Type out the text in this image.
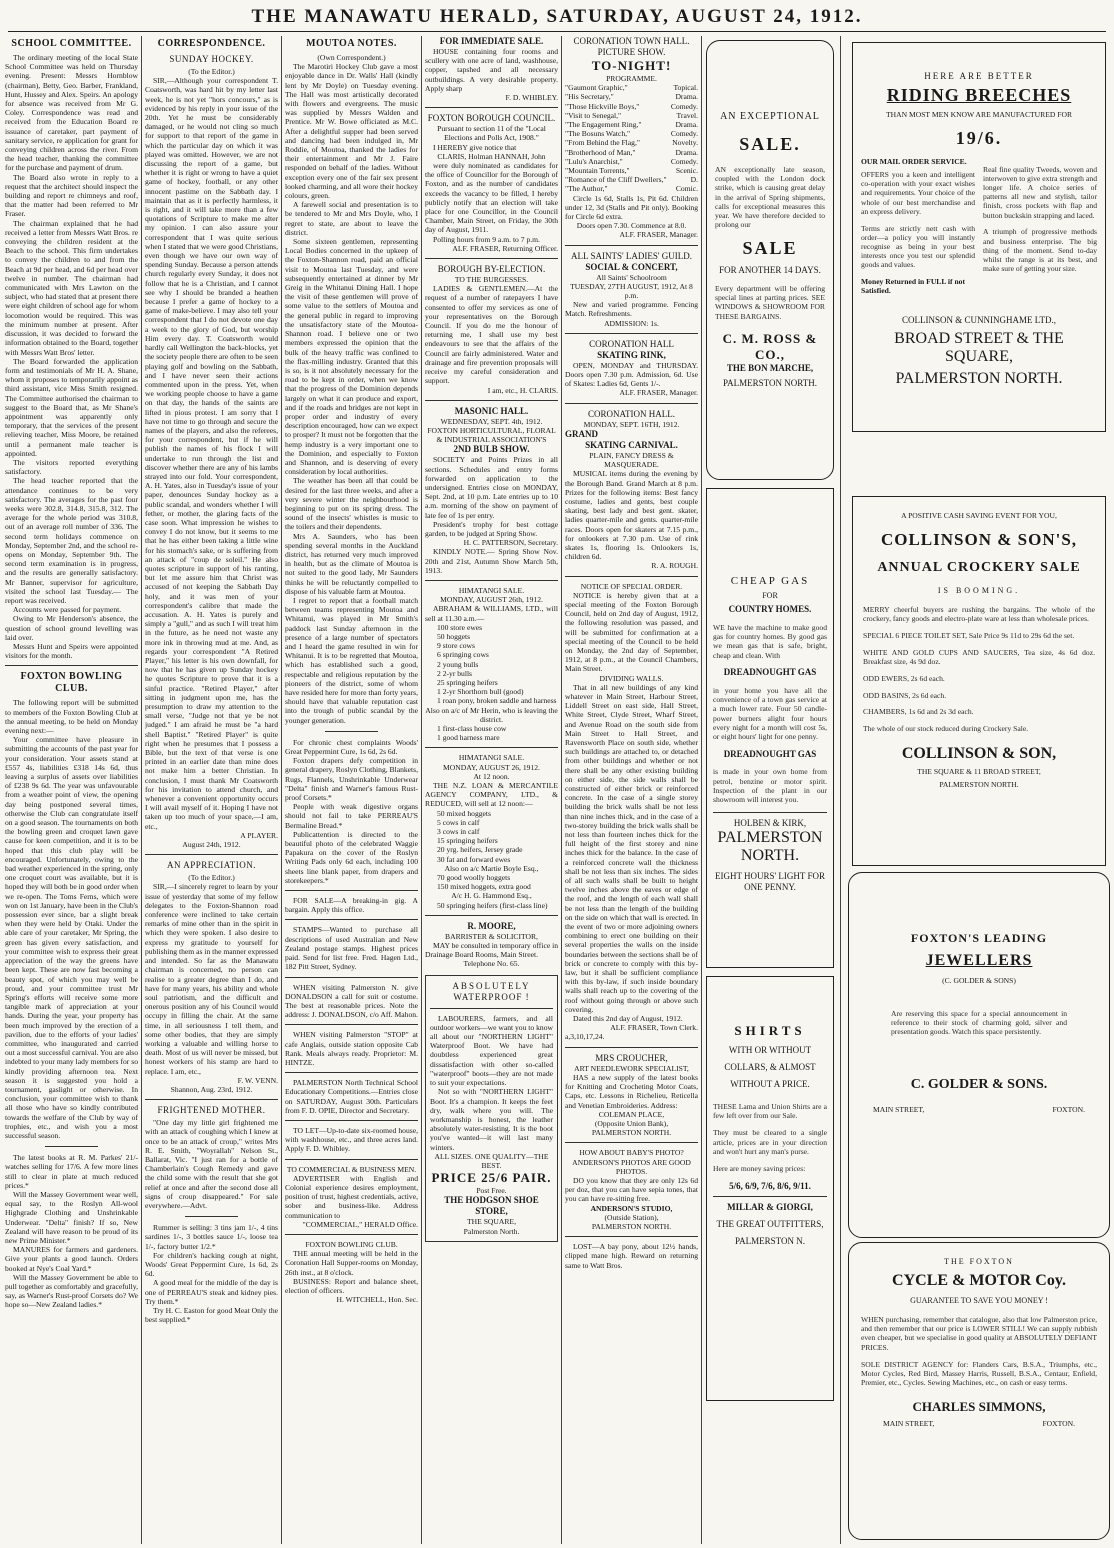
THE MANAWATU HERALD, SATURDAY, AUGUST 24, 1912.
SCHOOL COMMITTEE.

The ordinary meeting of the local State School Committee was held on Thursday evening. Present: Messrs Hornblow (chairman), Betty, Geo. Barber, Frankland, Hunt, Hussey and Alex. Speirs. An apology for absence was received from Mr G. Coley. Correspondence was read and received from the Education Board re issuance of caretaker, part payment of sanitary service, re application for grant for conveying children across the river. From the head teacher, thanking the committee for the purchase and payment of drum.

The Board also wrote in reply to a request that the architect should inspect the building and report re chimneys and roof, that the matter had been referred to Mr Fraser.

The chairman explained that he had received a letter from Messrs Watt Bros. re conveying the children resident at the Beach to the school. This firm undertakes to convey the children to and from the Beach at 9d per head, and 6d per head over twelve in number. The chairman had communicated with Mrs Lawton on the subject, who had stated that at present there were eight children of school age for whom locomotion would be required. This was the minimum number at present. After discussion, it was decided to forward the information obtained to the Board, together with Messrs Watt Bros' letter.

The Board forwarded the application form and testimonials of Mr H. A. Shane, whom it proposes to temporarily appoint as third assistant, vice Miss Smith resigned. The Committee authorised the chairman to suggest to the Board that, as Mr Shane's appointment was apparently only temporary, that the services of the present relieving teacher, Miss Moore, be retained until a permanent male teacher is appointed.

The visitors reported everything satisfactory.

The head teacher reported that the attendance continues to be very satisfactory. The averages for the past four weeks were 302.8, 314.8, 315.8, 312. The average for the whole period was 310.8, out of an average roll number of 336. The second term holidays commence on Monday, September 2nd, and the school re-opens on Monday, September 9th. The second term examination is in progress, and the results are generally satisfactory. Mr Banner, supervisor for agriculture, visited the school last Tuesday.— The report was received.

Accounts were passed for payment.

Owing to Mr Henderson's absence, the question of school ground levelling was laid over.

Messrs Hunt and Speirs were appointed visitors for the month.

FOXTON BOWLING CLUB.

The following report will be submitted to members of the Foxton Bowling Club at the annual meeting, to be held on Monday evening next:—

Your committee have pleasure in submitting the accounts of the past year for your consideration. Your assets stand at £557 4s, liabilities £318 14s 6d, thus leaving a surplus of assets over liabilities of £238 9s 6d. The year was unfavourable from a weather point of view, the opening day being postponed several times, otherwise the Club can congratulate itself on a good season. The tournaments on both the bowling green and croquet lawn gave cause for keen competition, and it is to be hoped that this club play will be encouraged. Unfortunately, owing to the bad weather experienced in the spring, only one croquet court was available, but it is hoped they will both be in good order when we re-open. The Toms Ferns, which were won on 1st January, have been in the Club's possession ever since, bar a slight break when they were held by Otaki. Under the able care of your caretaker, Mr Spring, the green has given every satisfaction, and your committee wish to express their great appreciation of the way the greens have been kept. These are now fast becoming a beauty spot, of which you may well be proud, and your committee trust Mr Spring's efforts will receive some more tangible mark of appreciation at your hands. During the year, your property has been much improved by the erection of a pavilion, due to the efforts of your ladies' committee, who inaugurated and carried out a most successful carnival. You are also indebted to your many lady members for so kindly providing afternoon tea. Next season it is suggested you hold a tournament, gaslight or otherwise. In conclusion, your committee wish to thank all those who have so kindly contributed towards the welfare of the Club by way of trophies, etc., and wish you a most successful season.

The latest books at R. M. Parkes' 21/- watches selling for 17/6. A few more lines still to clear in plate at much reduced prices.*

Will the Massey Government wear well, equal say, to the Roslyn All-wool Highgrade Clothing and Unshrinkable Underwear. "Delta" finish? If so, New Zealand will have reason to be proud of its new Prime Minister.*

MANURES for farmers and gardeners. Give your plants a good launch. Orders booked at Nye's Coal Yard.*

Will the Massey Government be able to pull together as comfortably and gracefully, say, as Warner's Rust-proof Corsets do? We hope so—New Zealand ladies.*

CORRESPONDENCE.
SUNDAY HOCKEY.
(To the Editor.)

SIR,—Although your correspondent T. Coatsworth, was hard hit by my letter last week, he is not yet "hors concours," as is evidenced by his reply in your issue of the 20th. Yet he must be considerably damaged, or he would not cling so much for support to that report of the game in which the particular day on which it was played was omitted. However, we are not discussing the report of a game, but whether it is right or wrong to have a quiet game of hockey, football, or any other innocent pastime on the Sabbath day. I maintain that as it is perfectly harmless, it is right, and it will take more than a few quotations of Scripture to make me alter my opinion. I can also assure your correspondent that I was quite serious when I stated that we were good Christians, even though we have our own way of spending Sunday. Because a person attends church regularly every Sunday, it does not follow that he is a Christian, and I cannot see why I should be branded a heathen because I prefer a game of hockey to a game of make-believe. I may also tell your correspondent that I do not devote one day a week to the glory of God, but worship Him every day. T. Coatsworth would hardly call Wellington the back-blocks, yet the society people there are often to be seen playing golf and bowling on the Sabbath, and I have never seen their actions commented upon in the press. Yet, when we working people choose to have a game on that day, the hands of the saints are lifted in pious protest. I am sorry that I have not time to go through and secure the names of the players, and also the referees, for your correspondent, but if he will publish the names of his flock I will undertake to run through the list and discover whether there are any of his lambs strayed into our fold. Your correspondent, A. H. Yates, also in Tuesday's issue of your paper, denounces Sunday hockey as a public scandal, and wonders whether I will fether, or mother, the glaring facts of the case soon. What impression he wishes to convey I do not know, but it seems to me that he has either been taking a little wine for his stomach's sake, or is suffering from an attack of "coup de soleil." He also quotes scripture in support of his ranting, but let me assure him that Christ was accused of not keeping the Sabbath Day holy, and it was men of your correspondent's calibre that made the accusation. A. H. Yates is purely and simply a "gull," and as such I will treat him in the future, as he need not waste any more ink in throwing mud at me. And, as regards your correspondent "A Retired Player," his letter is his own downfall, for now that he has given up Sunday hockey he quotes Scripture to prove that it is a sinful practice. "Retired Player," after sitting in judgment upon me, has the presumption to draw my attention to the small verse, "Judge not that ye be not judged." I am afraid he must be "a hard shell Baptist." "Retired Player" is quite right when he presumes that I possess a Bible, but the text of that verse is one printed in an earlier date than mine does not make him a better Christian. In conclusion, I must thank Mr Coatsworth for his invitation to attend church, and whenever a convenient opportunity occurs I will avail myself of it. Hoping I have not taken up too much of your space,—I am, etc.,

A PLAYER.
August 24th, 1912.
AN APPRECIATION.
(To the Editor.)

SIR,—I sincerely regret to learn by your issue of yesterday that some of my fellow delegates to the Foxton-Shannon road conference were inclined to take certain remarks of mine other than in the spirit in which they were spoken. I also desire to express my gratitude to yourself for publishing them as in the manner expressed and intended. So far as the Manawatu chairman is concerned, no person can realise to a greater degree than I do, and have for many years, his ability and whole soul patriotism, and the difficult and onerous position any of his Council would occupy in filling the chair. At the same time, in all seriousness I tell them, and some other bodies, that they are simply working a valuable and willing horse to death. Most of us will never be missed, but honest workers of his stamp are hard to replace. I am, etc.,

F. W. VENN.
Shannon, Aug. 23rd, 1912.
FRIGHTENED MOTHER.

"One day my little girl frightened me with an attack of coughing which I knew at once to be an attack of croup," writes Mrs R. E. Smith, "Woyrallah" Nelson St., Ballarat, Vic. "I just ran for a bottle of Chamberlain's Cough Remedy and gave the child some with the result that she got relief at once and after the second dose all signs of croup disappeared." For sale everywhere.—Advt.

Rummer is selling: 3 tins jam 1/-, 4 tins sardines 1/-, 3 bottles sauce 1/-, loose tea 1/-, factory butter 1/2.*

For children's hacking cough at night, Woods' Great Peppermint Cure, 1s 6d, 2s 6d.

A good meal for the middle of the day is one of PERREAU'S steak and kidney pies. Try them.*

Try H. C. Easton for good Meat Only the best supplied.*

MOUTOA NOTES.
(Own Correspondent.)

The Marotiri Hockey Club gave a most enjoyable dance in Dr. Walls' Hall (kindly lent by Mr Doyle) on Tuesday evening. The Hall was most artistically decorated with flowers and evergreens. The music was supplied by Messrs Walden and Prentice. Mr W. Bowe officiated as M.C. After a delightful supper had been served and dancing had been indulged in, Mr Roddie, of Moutoa, thanked the ladies for their entertainment and Mr J. Faire responded on behalf of the ladies. Without exception every one of the fair sex present looked charming, and all wore their hockey colours, green.

A farewell social and presentation is to be tendered to Mr and Mrs Doyle, who, I regret to state, are about to leave the district.

Some sixteen gentlemen, representing Local Bodies concerned in the upkeep of the Foxton-Shannon road, paid an official visit to Moutoa last Tuesday, and were subsequently entertained at dinner by Mr Greig in the Whitanui Dining Hall. I hope the visit of these gentlemen will prove of some value to the settlers of Moutoa and the general public in regard to improving the unsatisfactory state of the Moutoa-Shannon road. I believe one or two members expressed the opinion that the bulk of the heavy traffic was confined to the flax-milling industry. Granted that this is so, is it not absolutely necessary for the road to be kept in order, when we know that the progress of the Dominion depends largely on what it can produce and export, and if the roads and bridges are not kept in proper order and industry of every description encouraged, how can we expect to prosper? It must not be forgotten that the hemp industry is a very important one to the Dominion, and especially to Foxton and Shannon, and is deserving of every consideration by local authorities.

The weather has been all that could be desired for the last three weeks, and after a very severe winter the neighbourhood is beginning to put on its spring dress. The sound of the insects' whistles is music to the toilers and their dependents.

Mrs A. Saunders, who has been spending several months in the Auckland district, has returned very much improved in health, but as the climate of Moutoa is not suited to the good lady, Mr Saunders thinks he will be reluctantly compelled to dispose of his valuable farm at Moutoa.

I regret to report that a football match between teams representing Moutoa and Whitanui, was played in Mr Smith's paddock last Sunday afternoon in the presence of a large number of spectators and I heard the game resulted in win for Whitanui. It is to be regretted that Moutoa, which has established such a good, respectable and religious reputation by the pioneers of the district, some of whom have resided here for more than forty years, should have that valuable reputation cast into the trough of public scandal by the younger generation.

For chronic chest complaints Woods' Great Peppermint Cure, 1s 6d, 2s 6d.

Foxton drapers defy competition in general drapery, Roslyn Clothing, Blankets, Rugs, Flannels, Unshrinkable Underwear "Delta" finish and Warner's famous Rust-proof Corsets.*

People with weak digestive organs should not fail to take PERREAU'S Bermaline Bread.*

Publicattention is directed to the beautiful photo of the celebrated Waggie Papakura on the cover of the Roslyn Writing Pads only 6d each, including 100 sheets line blank paper, from drapers and storekeepers.*

FOR SALE—A breaking-in gig. A bargain. Apply this office.

STAMPS—Wanted to purchase all descriptions of used Australian and New Zealand postage stamps. Highest prices paid. Send for list free. Fred. Hagen Ltd., 182 Pitt Street, Sydney.

WHEN visiting Palmerston N. give DONALDSON a call for suit or costume. The best at reasonable prices. Note the address: J. DONALDSON, c/o Aff. Mahon.

WHEN visiting Palmerston "STOP" at cafe Anglais, outside station opposite Cab Rank. Meals always ready. Proprietor: M. HINTZE.

PALMERSTON North Technical School Educationary Competitions.—Entries close on SATURDAY, August 30th. Particulars from F. D. OPIE, Director and Secretary.

TO LET—Up-to-date six-roomed house, with washhouse, etc., and three acres land. Apply F. D. Whibley.

TO COMMERCIAL & BUSINESS MEN.

ADVERTISER with English and Colonial experience desires employment, position of trust, highest credentials, active, sober and business-like. Address communication to

"COMMERCIAL," HERALD Office.
FOXTON BOWLING CLUB.

THE annual meeting will be held in the Coronation Hall Supper-rooms on Monday, 26th inst., at 8 o'clock.

BUSINESS: Report and balance sheet, election of officers.

H. WITCHELL, Hon. Sec.
FOR IMMEDIATE SALE.

HOUSE containing four rooms and scullery with one acre of land, washhouse, copper, tapshed and all necessary outbuildings. A very desirable property. Apply sharp

F. D. WHIBLEY.
FOXTON BOROUGH COUNCIL.
Pursuant to section 11 of the "Local Elections and Polls Act, 1908."

I HEREBY give notice that

CLARIS, Holman HANNAH, John

were duly nominated as candidates for the office of Councillor for the Borough of Foxton, and as the number of candidates exceeds the vacancy to be filled, I hereby publicly notify that an election will take place for one Councillor, in the Council Chamber, Main Street, on Friday, the 30th day of August, 1911.

Polling hours from 9 a.m. to 7 p.m.

ALF. FRASER, Returning Officer.
BOROUGH BY-ELECTION.
TO THE BURGESSES.

LADIES & GENTLEMEN.—At the request of a number of ratepayers I have consented to offer my services as one of your representatives on the Borough Council. If you do me the honour of returning me, I shall use my best endeavours to see that the affairs of the Council are fairly administered. Water and drainage and fire prevention proposals will receive my careful consideration and support.

I am, etc., H. CLARIS.
MASONIC HALL.
WEDNESDAY, SEPT. 4th, 1912.
FOXTON HORTICULTURAL, FLORAL & INDUSTRIAL ASSOCIATION'S
2ND BULB SHOW.

SOCIETY and Points Prizes in all sections. Schedules and entry forms forwarded on application to the undersigned. Entries close on MONDAY, Sept. 2nd, at 10 p.m. Late entries up to 10 a.m. morning of the show on payment of late fee of 1s per entry.

President's trophy for best cottage garden, to be judged at Spring Show.

H. C. PATTERSON, Secretary.

KINDLY NOTE.— Spring Show Nov. 20th and 21st, Autumn Show March 5th, 1913.

HIMATANGI SALE.
MONDAY, AUGUST 26th, 1912.

ABRAHAM & WILLIAMS, LTD., will sell at 11.30 a.m.—

100 store ewes
50 hoggets
9 store cows
6 springing cows
2 young bulls
2 2-yr bulls
25 springing heifers
1 2-yr Shorthorn bull (good)
1 roan pony, broken saddle and harness
Also on a/c of Mr Herin, who is leaving the district.
1 first-class house cow
1 good harness mare
HIMATANGI SALE.
MONDAY, AUGUST 26, 1912.
At 12 noon.

THE N.Z. LOAN & MERCANTILE AGENCY COMPANY, LTD., & REDUCED, will sell at 12 noon:—

50 mixed hoggets
5 cows in calf
3 cows in calf
15 springing heifers
20 yrg. heifers, Jersey grade
30 fat and forward ewes
Also on a/c Martie Boyle Esq.,
70 good woolly hoggets
150 mixed hoggets, extra good
A/c H. G. Hammond Esq.,
50 springing heifers (first-class line)
R. MOORE,
BARRISTER & SOLICITOR,

MAY be consulted in temporary office in Drainage Board Rooms, Main Street.

Telephone No. 65.
ABSOLUTELY
WATERPROOF !

LABOURERS, farmers, and all outdoor workers—we want you to know all about our "NORTHERN LIGHT" Waterproof Boot. We have had doubtless experienced great dissatisfaction with other so-called "waterproof" boots—they are not made to suit your expectations.

Not so with "NORTHERN LIGHT" Boot. It's a champion. It keeps the feet dry, walk where you will. The workmanship is honest, the leather absolutely water-resisting. It is the boot you've wanted—it will last many winters.

ALL SIZES. ONE QUALITY—THE BEST.
PRICE 25/6 PAIR.
Post Free.
THE HODGSON SHOE STORE,
THE SQUARE,
Palmerston North.
CORONATION TOWN HALL.
PICTURE SHOW.
TO-NIGHT!
PROGRAMME.
"Gaumont Graphic,"	Topical.
"His Secretary,"	Drama.
"Those Hickville Boys,"	Comedy.
"Visit to Senegal,"	Travel.
"The Engagement Ring,"	Drama.
"The Bosuns Watch,"	Comedy.
"From Behind the Flag,"	Novelty.
"Brotherhood of Man,"	Drama.
"Lulu's Anarchist,"	Comedy.
"Mountain Torrents,"	Scenic.
"Romance of the Cliff Dwellers,"	D.
"The Author,"	Comic.

Circle 1s 6d, Stalls 1s, Pit 6d. Children under 12, 3d (Stalls and Pit only). Booking for Circle 6d extra.

Doors open 7.30. Commence at 8.0.
ALF. FRASER, Manager.
ALL SAINTS' LADIES' GUILD.
SOCIAL & CONCERT,
All Saints' Schoolroom
TUESDAY, 27TH AUGUST, 1912, At 8 p.m.

New and varied programme. Fencing Match. Refreshments.

ADMISSION: 1s.
CORONATION HALL
SKATING RINK,

OPEN, MONDAY and THURSDAY. Doors open 7.30 p.m. Admission, 6d. Use of Skates: Ladies 6d, Gents 1/-.

ALF. FRASER, Manager.
CORONATION HALL.
MONDAY, SEPT. 16TH, 1912.
GRAND
SKATING CARNIVAL.
PLAIN, FANCY DRESS & MASQUERADE.

MUSICAL items during the evening by the Borough Band. Grand March at 8 p.m. Prizes for the following items: Best fancy costume, ladies and gents, best couple skating, best lady and best gent. skater, ladies quarter-mile and gents. quarter-mile races. Doors open for skaters at 7.15 p.m., for onlookers at 7.30 p.m. Use of rink skates 1s, flooring 1s. Onlookers 1s, children 6d.

R. A. ROUGH.
NOTICE OF SPECIAL ORDER.

NOTICE is hereby given that at a special meeting of the Foxton Borough Council, held on 2nd day of August, 1912, the following resolution was passed, and will be submitted for confirmation at a special meeting of the Council to be held on Monday, the 2nd day of September, 1912, at 8 p.m., at the Council Chambers, Main Street.

DIVIDING WALLS.

That in all new buildings of any kind whatever in Main Street, Harbour Street, Liddell Street on east side, Hall Street, White Street, Clyde Street, Wharf Street, and Avenue Road on the south side from Main Street to Hall Street, and Ravensworth Place on south side, whether such buildings are attached to, or detached from other buildings and whether or not there shall be any other existing building on either side, the side walls shall be constructed of either brick or reinforced concrete. In the case of a single storey building the brick walls shall be not less than nine inches thick, and in the case of a two-storey building the brick walls shall be not less than fourteen inches thick for the full height of the first storey and nine inches thick for the balance. In the case of a reinforced concrete wall the thickness shall be not less than six inches. The sides of all such walls shall be built to height twelve inches above the eaves or edge of the roof, and the length of each wall shall be not less than the length of the building on the side on which that wall is erected. In the event of two or more adjoining owners combining to erect one building on their several properties the walls on the inside boundaries between the sections shall be of brick or concrete to comply with this by-law, but it shall be sufficient compliance with this by-law, if such inside boundary walls shall reach up to the covering of the roof without going through or above such covering.

Dated this 2nd day of August, 1912.

ALF. FRASER, Town Clerk.
a,3,10,17,24.
MRS CROUCHER,
ART NEEDLEWORK SPECIALIST,

HAS a new supply of the latest books for Knitting and Crocheting Motor Coats, Caps, etc. Lessons in Richelieu, Reticella and Venetian Embroideries. Address:

COLEMAN PLACE,
(Opposite Union Bank),
PALMERSTON NORTH.
HOW ABOUT BABY'S PHOTO?
ANDERSON'S PHOTOS ARE GOOD PHOTOS.

DO you know that they are only 12s 6d per doz, that you can have sepia tones, that you can have re-sitting free.

ANDERSON'S STUDIO,
(Outside Station),
PALMERSTON NORTH.

LOST—A bay pony, about 12½ hands, clipped mane high. Reward on returning same to Watt Bros.

AN EXCEPTIONAL
SALE.

AN exceptionally late season, coupled with the London dock strike, which is causing great delay in the arrival of Spring shipments, calls for exceptional measures this year. We have therefore decided to prolong our

SALE
FOR ANOTHER 14 DAYS.

Every department will be offering special lines at parting prices. SEE WINDOWS & SHOWROOM FOR THESE BARGAINS.

C. M. ROSS & CO.,
THE BON MARCHE,
PALMERSTON NORTH.
CHEAP GAS
FOR
COUNTRY HOMES.

WE have the machine to make good gas for country homes. By good gas we mean gas that is safe, bright, cheap and clean. With

DREADNOUGHT GAS

in your home you have all the convenience of a town gas service at a much lower rate. Four 50 candle-power burners alight four hours every night for a month will cost 5s, or eight hours' light for one penny.

DREADNOUGHT GAS

is made in your own home from petrol, benzine or motor spirit. Inspection of the plant in our showroom will interest you.

HOLBEN & KIRK,
PALMERSTON NORTH.
EIGHT HOURS' LIGHT FOR ONE PENNY.
SHIRTS
WITH OR WITHOUT
COLLARS, & ALMOST
WITHOUT A PRICE.

THESE Lama and Union Shirts are a few left over from our Sale.

They must be cleared to a single article, prices are in your direction and won't hurt any man's purse.

Here are money saving prices:

5/6, 6/9, 7/6, 8/6, 9/11.
MILLAR & GIORGI,
THE GREAT OUTFITTERS,
PALMERSTON N.
HERE ARE BETTER
RIDING BREECHES
THAN MOST MEN KNOW ARE MANUFACTURED FOR
19/6.
OUR MAIL ORDER SERVICE.

OFFERS you a keen and intelligent co-operation with your exact wishes and requirements. Your choice of the whole of our best merchandise and an express delivery.

Terms are strictly nett cash with order—a policy you will instantly recognise as being in your best interests once you test our splendid goods and values.

Money Returned in FULL if not Satisfied.

Real fine quality Tweeds, woven and interwoven to give extra strength and longer life. A choice series of patterns all new and stylish, tailor finish, cross pockets with flap and button buckskin strapping and laced.

A triumph of progressive methods and business enterprise. The big thing of the moment. Send to-day whilst the range is at its best, and make sure of getting your size.

COLLINSON & CUNNINGHAME LTD.,
BROAD STREET & THE SQUARE,
PALMERSTON NORTH.
A POSITIVE CASH SAVING EVENT FOR YOU,
COLLINSON & SON'S,
ANNUAL CROCKERY SALE
IS BOOMING.

MERRY cheerful buyers are rushing the bargains. The whole of the crockery, fancy goods and electro-plate ware at less than wholesale prices.

SPECIAL 6 PIECE TOILET SET, Sale Price 9s 11d to 29s 6d the set.

WHITE AND GOLD CUPS AND SAUCERS, Tea size, 4s 6d doz. Breakfast size, 4s 9d doz.

ODD EWERS, 2s 6d each.

ODD BASINS, 2s 6d each.

CHAMBERS, 1s 6d and 2s 3d each.

The whole of our stock reduced during Crockery Sale.

COLLINSON & SON,
THE SQUARE & 11 BROAD STREET,
PALMERSTON NORTH.
FOXTON'S LEADING
JEWELLERS
(C. GOLDER & SONS)

Are reserving this space for a special announcement in reference to their stock of charming gold, silver and presentation goods. Watch this space persistently.

C. GOLDER & SONS.
MAIN STREET,	FOXTON.
THE FOXTON
CYCLE & MOTOR Coy.
GUARANTEE TO SAVE YOU MONEY !

WHEN purchasing, remember that catalogue, also that low Palmerston price, and then remember that our price is LOWER STILL! We can supply rubbish even cheaper, but we specialise in good quality at ABSOLUTELY DEFIANT PRICES.

SOLE DISTRICT AGENCY for: Flanders Cars, B.S.A., Triumphs, etc., Motor Cycles, Red Bird, Massey Harris, Russell, B.S.A., Centaur, Enfield, Premier, etc., Cycles. Sewing Machines, etc., on cash or easy terms.

CHARLES SIMMONS,
MAIN STREET,	FOXTON.
